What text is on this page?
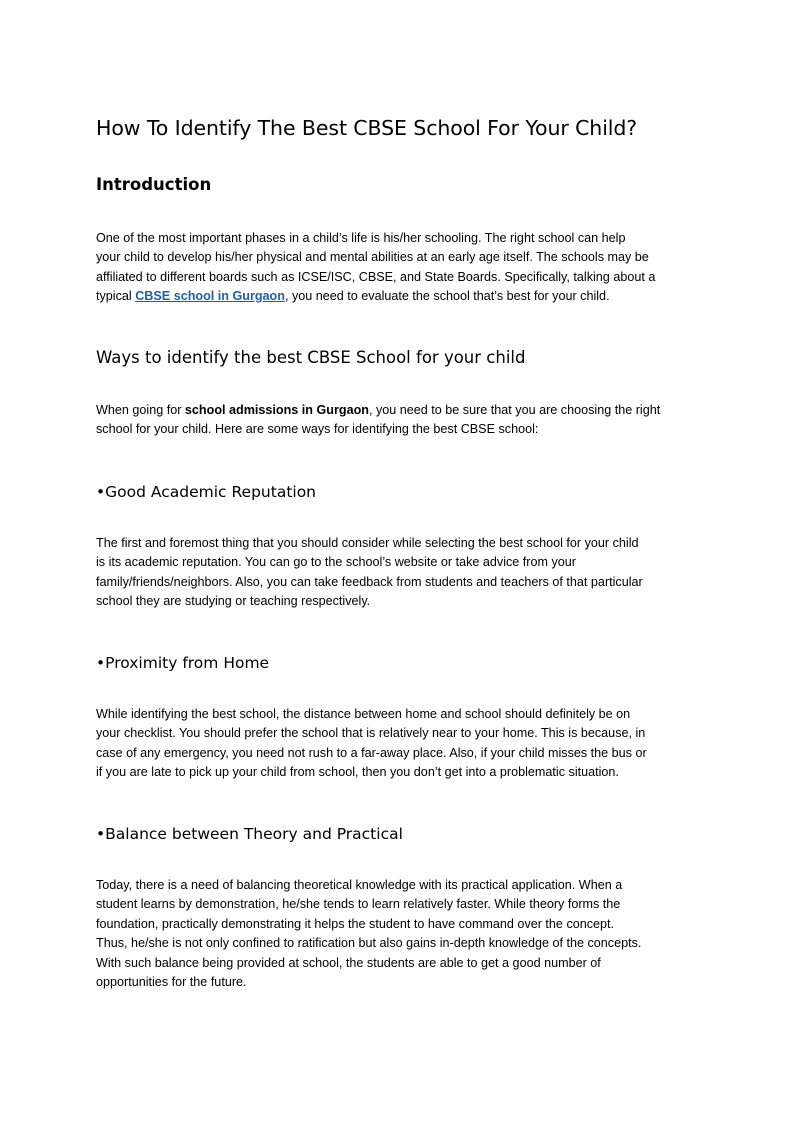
How To Identify The Best CBSE School For Your Child?
Introduction

One of the most important phases in a child’s life is his/her schooling. The right school can help
your child to develop his/her physical and mental abilities at an early age itself. The schools may be
affiliated to different boards such as ICSE/ISC, CBSE, and State Boards. Specifically, talking about a
typical CBSE school in Gurgaon, you need to evaluate the school that’s best for your child.

Ways to identify the best CBSE School for your child

When going for school admissions in Gurgaon, you need to be sure that you are choosing the right
school for your child. Here are some ways for identifying the best CBSE school:

•Good Academic Reputation

The first and foremost thing that you should consider while selecting the best school for your child
is its academic reputation. You can go to the school’s website or take advice from your
family/friends/neighbors. Also, you can take feedback from students and teachers of that particular
school they are studying or teaching respectively.

•Proximity from Home

While identifying the best school, the distance between home and school should definitely be on
your checklist. You should prefer the school that is relatively near to your home. This is because, in
case of any emergency, you need not rush to a far-away place. Also, if your child misses the bus or
if you are late to pick up your child from school, then you don’t get into a problematic situation.

•Balance between Theory and Practical

Today, there is a need of balancing theoretical knowledge with its practical application. When a
student learns by demonstration, he/she tends to learn relatively faster. While theory forms the
foundation, practically demonstrating it helps the student to have command over the concept.
Thus, he/she is not only confined to ratification but also gains in-depth knowledge of the concepts.
With such balance being provided at school, the students are able to get a good number of
opportunities for the future.
